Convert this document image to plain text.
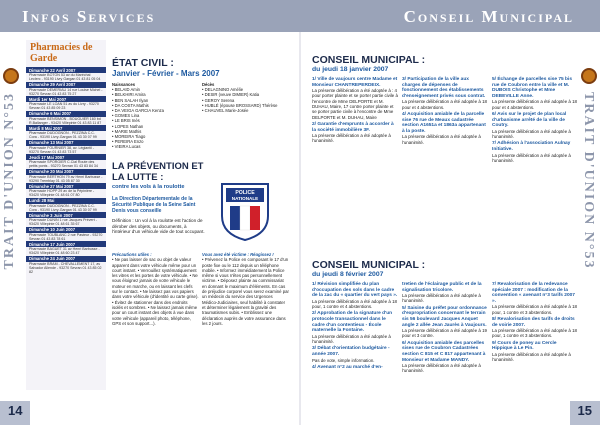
Infos Services	Conseil Municipal
TRAIT D'UNION N°53	TRAIT D'UNION N°53
Pharmacies de Garde
Dimanche 22 Avril 2007
Pharmacie BOTON 53 av du Maréchal Leclerc - 93190 Livry Gargan 01 43 81 05 04
Dimanche 29 Avril 2007
Pharmacie DEMERIAU 14 rue Louise Michel - 93270 Sevran 01 43 83 75 27
Mardi 1er Mai 2007
Pharmacie LE LOAN 51 av du Livry - 93270 Sevran 01 43 85 09 23
Dimanche 6 Mai 2007
Pharmacie BENSIMON - BOUGUIER 160 bd R.Ballanger - 93420 Villepinte 01 43 83 11 87
Mardi 8 Mai 2007
Pharmacie DUDOGNON - PEZZINA C.C. Cora - 93190 Livry-Gargan 01 43 30 07 99
Dimanche 13 Mai 2007
Pharmacie FOURNIER 38, av. Léglantil - 93270 Sevran 01 43 83 73 57
Jeudi 17 Mai 2007
Pharmacie SPORGIER C.Cial Route des petits ponts - 93270 Sevran 01 43 83 84 34
Dimanche 20 Mai 2007
Pharmacie BERTHON 79 av Henri Barbusse - 93290 Tremblay 01 43 05 87 30
Dimanche 27 Mai 2007
Pharmacie HOPP 29 av de la Pépinière - 93420 Villepinte 01 48 61 07 80
Lundi 28 Mai
Pharmacie DUDOGNON - PEZZINA C.C. Cora - 93190 Livry-Gargan 01 43 30 07 99
Dimanche 3 Juin 2007
Pharmacie DUNIN 1 rue Jacques Prévert - 93420 Villepinte 01 48 61 35 67
Dimanche 10 Juin 2007
Pharmacie TOUBLANC 2 rue Pasteur - 93270 Sevran 01 43 83 78 61
Dimanche 17 Juin 2007
Pharmacie BAGUET 31 av Henri Barbusse - 93420 Villepinte 01 48 60 23 47
Dimanche 24 Juin 2007
Pharmacie BRAM - CHEVALLEMENT 17, av Salvador Allende - 93270 Sevran 01 43 85 02 82
ÉTAT CIVIL :
Janvier - Février - Mars 2007
Naissances
• BELAID Amin
• BELKHIRI Amira
• BEN SALAH Ilyan
• DA COSTA Mathis
• DA VEIGA GARCIA Kenza
• GOMES Lina
• LE BRIS Inès
• LOPES Nathan
• MARIE Mathis
• MOREIRA Tiago
• PEREIRA Enzo
• VIEIRA Lucas
Décès
• DELAGNINO Amélie
• DESIR (veuve DIMIER) Katia
• GEROY Serena
• HUBLÉ (épouse BROSSARD) Thérèse
• CHAUVEL Marie-Josée
LA PRÉVENTION ET LA LUTTE :
contre les vols à la roulotte
La Direction Départementale de la Sécurité Publique de la Seine Saint Denis vous conseille
Définition : Un vol à la roulotte est l'action de dérober des objets, ou documents, à l'intérieur d'un véhicule vide de tout occupant.
POLICE
NATIONALE
Précautions utiles :
• Ne pas laisser de sac ou objet de valeur apparent dans votre véhicule même pour un court instant. • Verrouillez systématiquement les vitres et les portes de votre véhicule. • Ne vous éloignez jamais de votre véhicule le moteur en marche, ou en laissant les clefs sur le contact. • Ne laissez pas vos papiers dans votre véhicule (d'identité ou carte grise). • Évitez de stationner dans des endroits isolés et sombres. • Ne laissez jamais même pour un court instant des objets à vue dans votre véhicule (appareil photo, téléphone, GPS et son support...).
Vous avez été victime : Réagissez !
• Prévenez la Police en composant le 17 d'un poste fixe ou le 112 depuis un téléphone mobile. • Informez immédiatement la Police même si vous n'êtes pas personnellement victime. • Déposez plainte au commissariat en donnant le maximum d'éléments. En cas de préjudice corporel vous serez examiné par un médecin du service des Urgences Médico-Judiciaires, seul habilité à constater et déterminer légalement la gravité des traumatismes subis. • Emblissez une déclaration auprès de votre assurance dans les 2 jours.
CONSEIL MUNICIPAL :
du jeudi 18 janvier 2007
1/ Ville de vaujours centre Madame et Monsieur CHANTREPERDEIX.
La présente délibération a été adoptée à : 4 pour porter plainte et se porter partie civile à l'encontre de Mme DELPORTE et M. DUHAU, Maire, 17 contre porter plainte et se porter partie civile à l'encontre de Mme DELPORTE et M. DUHAU, Maire
2/ Garantie d'emprunts à accorder à la société immobilière 3F.
La présente délibération a été adoptée à l'unanimité.
3/ Participation de la ville aux charges de dépenses de fonctionnement des établissements d'enseignement privés sous contrat.
La présente délibération a été adoptée à 18 pour et 4 abstentions.
4/ Acquisition amiable de la parcelle sise 76 rue de Meaux cadastrée section A1651a et 1863a appartenant à la poste.
La présente délibération a été adoptée à l'unanimité.
5/ Échange de parcelles sise 75 bis rue de Coubron entre la ville et M. DUBOIS Christophe et Mme DEBEVILLE Anne.
La présente délibération a été adoptée à 18 pour et 4 abstentions.
6/ Avis sur le projet de plan local d'urbanisme arrêté de la ville de Coutry.
La présente délibération a été adoptée à l'unanimité.
7/ Adhésion à l'association Aulnay Initiative.
La présente délibération a été adoptée à l'unanimité.
CONSEIL MUNICIPAL :
du jeudi 8 février 2007
1/ Révision simplifiée du plan d'occupation des sols dans le cadre de la zac du « quartier du vert pays ».
La présente délibération a été adoptée à 18 pour, 1 contre et 4 abstentions.
2/ Approbation de la signature d'un protocole transactionnel dans le cadre d'un contentieux - École maternelle la Fontaine.
La présente délibération a été adoptée à l'unanimité.
3/ Débat d'orientation budgétaire - année 2007.
Pas de vote, simple information.
4/ Avenant n°2 au marché d'en-
tretien de l'éclairage public et de la signalisation tricolore.
La présente délibération a été adoptée à l'unanimité.
5/ Saisine du préfet pour ordonnance d'expropriation concernant le terrain sis 56 boulevard Jacques Anquet angle 2 allée Jean Jaurès à Vaujours.
La présente délibération a été adoptée à 19 pour et 3 contre.
6/ Acquisition amiable des parcelles sises rue de Coubron Cadastrées section C 815 et C 817 appartenant à Monsieur et Madame MANDY.
La présente délibération a été adoptée à l'unanimité.
7/ Revalorisation de la redevance spéciale 2007 : modification de la convention « avenant n°3 tarifs 2007 ».
La présente délibération a été adoptée à 18 pour, 1 contre et 3 abstentions.
8/ Revalorisation des tarifs de droits de voirie 2007.
La présente délibération a été adoptée à 18 pour, 1 contre et 3 abstentions.
9/ Cours de poney au Cercle Hippique à Le Pin.
La présente délibération a été adoptée à l'unanimité.
14	15
